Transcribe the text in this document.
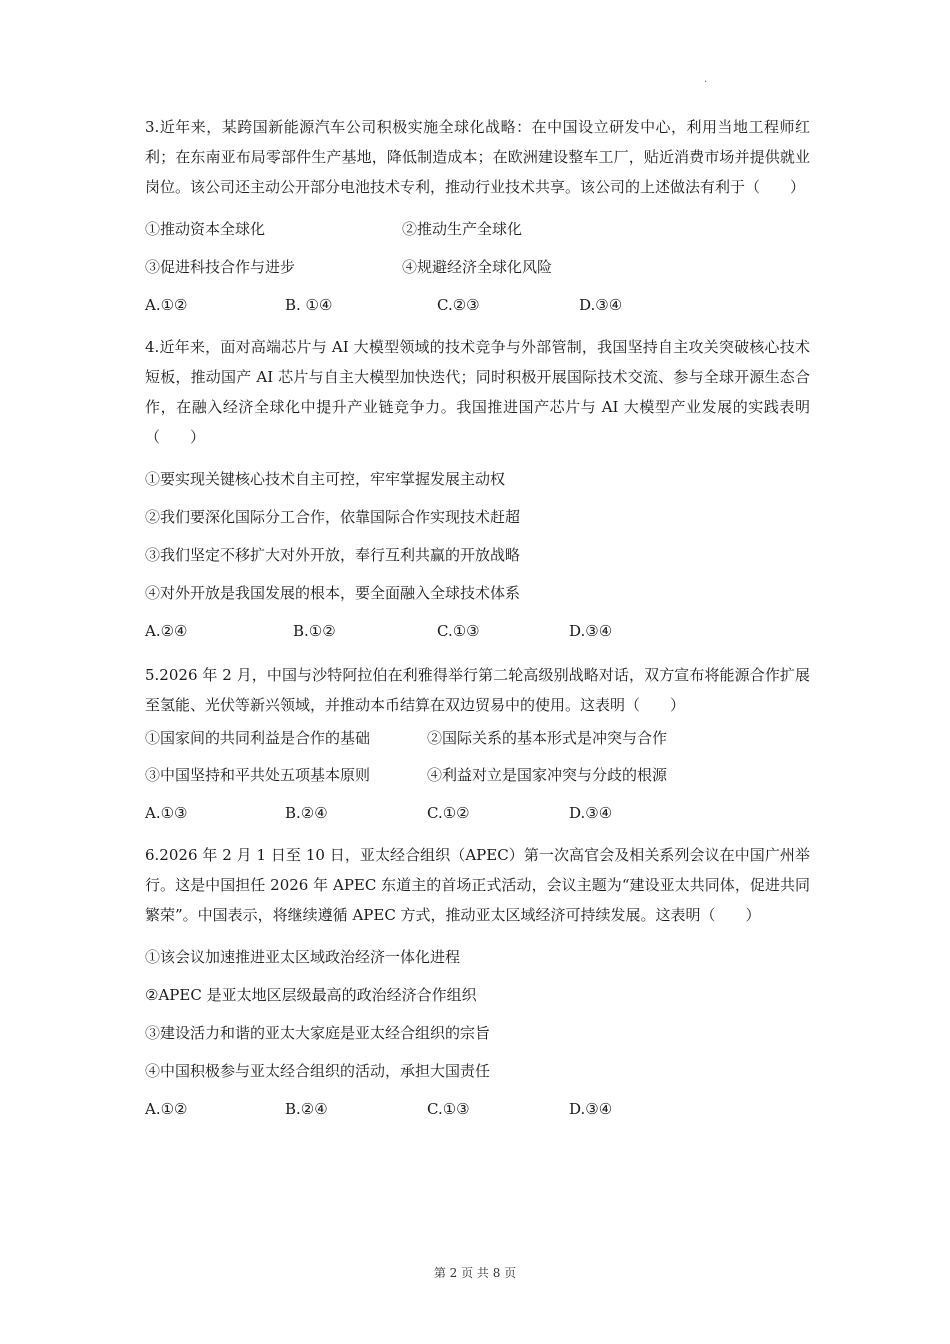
.

3.近年来，某跨国新能源汽车公司积极实施全球化战略：在中国设立研发中心，利用当地工程师红利；在东南亚布局零部件生产基地，降低制造成本；在欧洲建设整车工厂，贴近消费市场并提供就业岗位。该公司还主动公开部分电池技术专利，推动行业技术共享。该公司的上述做法有利于（　　）

①推动资本全球化	②推动生产全球化
③促进科技合作与进步	④规避经济全球化风险
A.①②	B. ①④	C.②③	D.③④

4.近年来，面对高端芯片与 AI 大模型领域的技术竞争与外部管制，我国坚持自主攻关突破核心技术短板，推动国产 AI 芯片与自主大模型加快迭代；同时积极开展国际技术交流、参与全球开源生态合作，在融入经济全球化中提升产业链竞争力。我国推进国产芯片与 AI 大模型产业发展的实践表明（　　）

①要实现关键核心技术自主可控，牢牢掌握发展主动权
②我们要深化国际分工合作，依靠国际合作实现技术赶超
③我们坚定不移扩大对外开放，奉行互利共赢的开放战略
④对外开放是我国发展的根本，要全面融入全球技术体系
A.②④	B.①②	C.①③	D.③④

5.2026 年 2 月，中国与沙特阿拉伯在利雅得举行第二轮高级别战略对话，双方宣布将能源合作扩展至氢能、光伏等新兴领域，并推动本币结算在双边贸易中的使用。这表明（　　）

①国家间的共同利益是合作的基础	②国际关系的基本形式是冲突与合作
③中国坚持和平共处五项基本原则	④利益对立是国家冲突与分歧的根源
A.①③	B.②④	C.①②	D.③④

6.2026 年 2 月 1 日至 10 日，亚太经合组织（APEC）第一次高官会及相关系列会议在中国广州举行。这是中国担任 2026 年 APEC 东道主的首场正式活动，会议主题为“建设亚太共同体，促进共同繁荣”。中国表示，将继续遵循 APEC 方式，推动亚太区域经济可持续发展。这表明（　　）

①该会议加速推进亚太区域政治经济一体化进程
②APEC 是亚太地区层级最高的政治经济合作组织
③建设活力和谐的亚太大家庭是亚太经合组织的宗旨
④中国积极参与亚太经合组织的活动，承担大国责任
A.①②	B.②④	C.①③	D.③④
第 2 页 共 8 页
